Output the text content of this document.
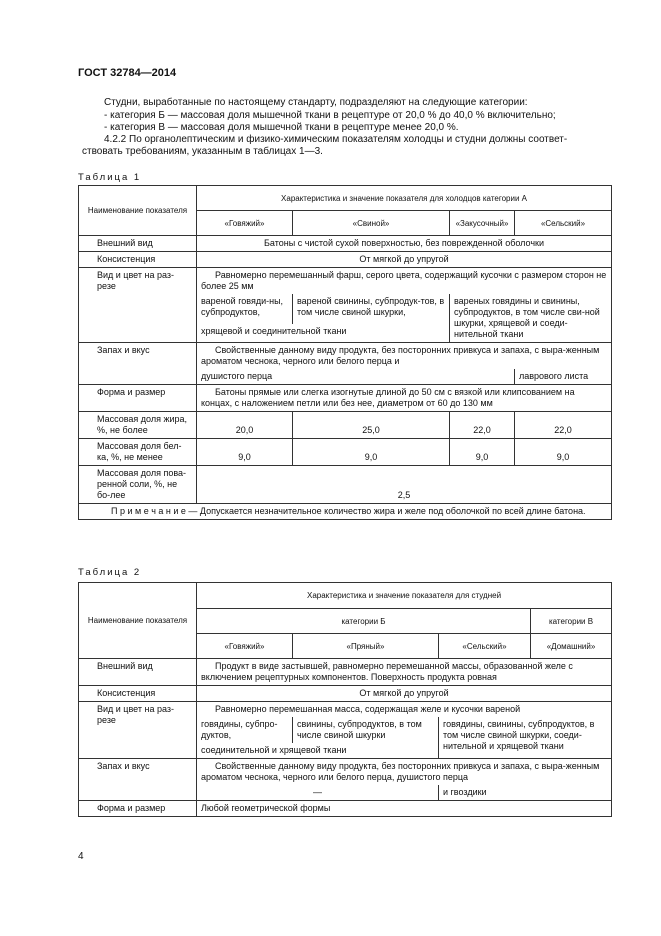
ГОСТ 32784—2014
Студни, выработанные по настоящему стандарту, подразделяют на следующие категории:
- категория Б — массовая доля мышечной ткани в рецептуре от 20,0 % до 40,0 % включительно;
- категория В — массовая доля мышечной ткани в рецептуре менее 20,0 %.
4.2.2 По органолептическим и физико-химическим показателям холодцы и студни должны соответ-
ствовать требованиям, указанным в таблицах 1—3.
Таблица 1
Наименование показателя	Характеристика и значение показателя для холодцов категории А			
	«Говяжий»	«Свиной»	«Закусочный»	«Сельский»
Внешний вид	Батоны с чистой сухой поверхностью, без поврежденной оболочки			
Консистенция	От мягкой до упругой			
Вид и цвет на раз-резе	Равномерно перемешанный фарш, серого цвета, содержащий кусочки с размером сторон не более 25 мм			
	вареной говяди-ны, субпродуктов,	вареной свинины, субпродук-тов, в том числе свиной шкурки,	вареных говядины и свинины, субпродуктов, в том числе сви-ной шкурки, хрящевой и соеди-нительной ткани	

	хрящевой и соединительной ткани			
Запах и вкус	Свойственные данному виду продукта, без посторонних привкуса и запаха, с выра-женным ароматом чеснока, черного или белого перца и			
	душистого перца			лаврового листа
Форма и размер	Батоны прямые или слегка изогнутые длиной до 50 см с вязкой или клипсованием на концах, с наложением петли или без нее, диаметром от 60 до 130 мм			
Массовая доля жира, %, не более	20,0	25,0	22,0	22,0
Массовая доля бел-ка, %, не менее	9,0	9,0	9,0	9,0
Массовая доля пова-ренной соли, %, не бо-лее	2,5			
П р и м е ч а н и е — Допускается незначительное количество жира и желе под оболочкой по всей длине батона.				
Таблица 2
Наименование показателя	Характеристика и значение показателя для студней			
	категории Б			категории В
	«Говяжий»	«Пряный»	«Сельский»	«Домашний»
Внешний вид	Продукт в виде застывшей, равномерно перемешанной массы, образованной желе с включением рецептурных компонентов. Поверхность продукта ровная			
Консистенция	От мягкой до упругой			
Вид и цвет на раз-резе	Равномерно перемешанная масса, содержащая желе и кусочки вареной			
	говядины, субпро-дуктов,	свинины, субпродуктов, в том числе свиной шкурки	говядины, свинины, субпродуктов, в том числе свиной шкурки, соеди-нительной и хрящевой ткани	
	соединительной и хрящевой ткани			
Запах и вкус	Свойственные данному виду продукта, без посторонних привкуса и запаха, с выра-женным ароматом чеснока, черного или белого перца, душистого перца			
	—		и гвоздики	
Форма и размер	Любой геометрической формы			
4
